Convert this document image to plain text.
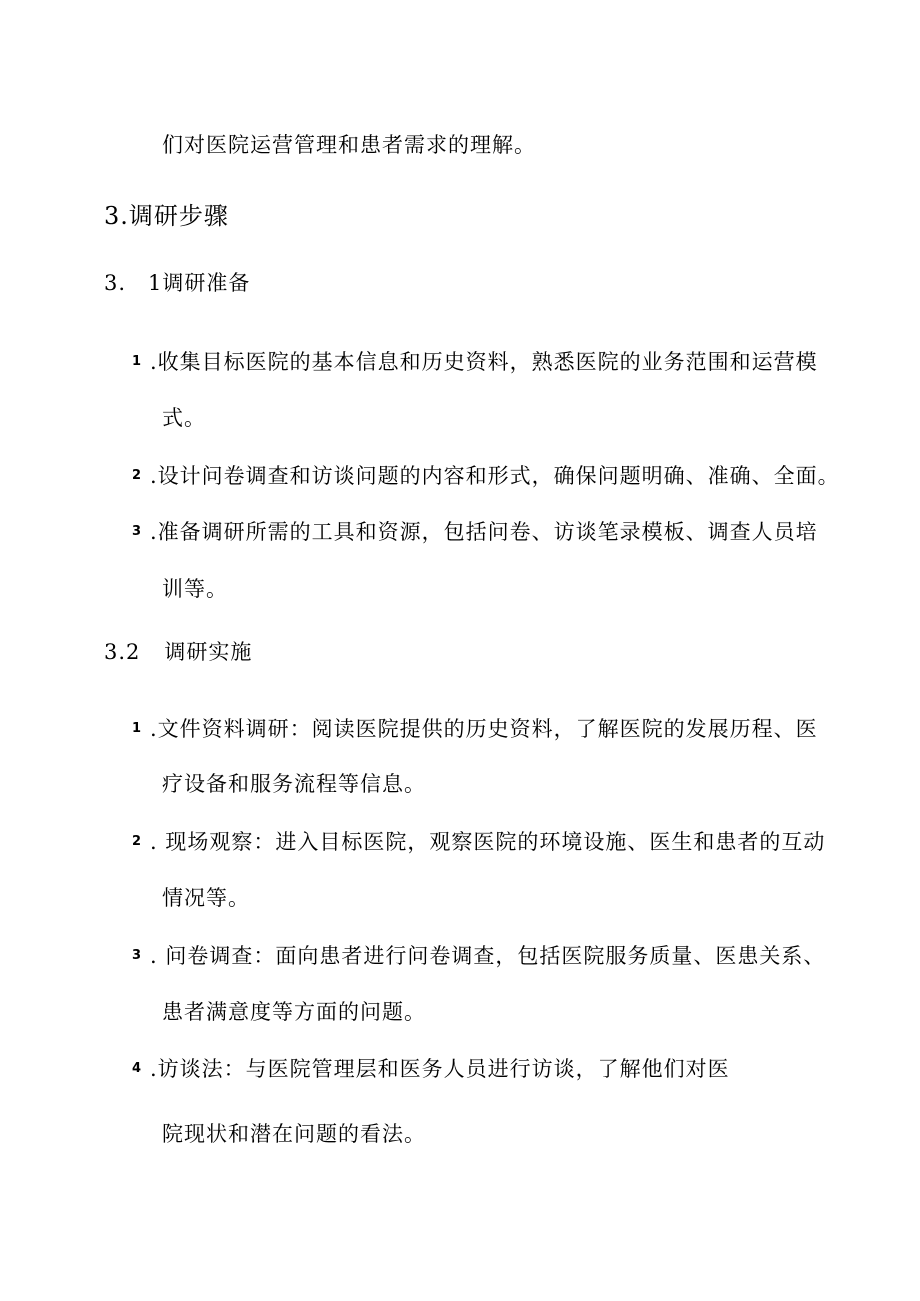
们对医院运营管理和患者需求的理解。
3.调研步骤
3. 1调研准备
1 .收集目标医院的基本信息和历史资料，熟悉医院的业务范围和运营模
式。
2 .设计问卷调查和访谈问题的内容和形式，确保问题明确、准确、全面。
3 .准备调研所需的工具和资源，包括问卷、访谈笔录模板、调查人员培
训等。
3.2 调研实施
1 .文件资料调研：阅读医院提供的历史资料，了解医院的发展历程、医
疗设备和服务流程等信息。
2 . 现场观察：进入目标医院，观察医院的环境设施、医生和患者的互动
情况等。
3 . 问卷调查：面向患者进行问卷调查，包括医院服务质量、医患关系、
患者满意度等方面的问题。
4 .访谈法：与医院管理层和医务人员进行访谈，了解他们对医
院现状和潜在问题的看法。
